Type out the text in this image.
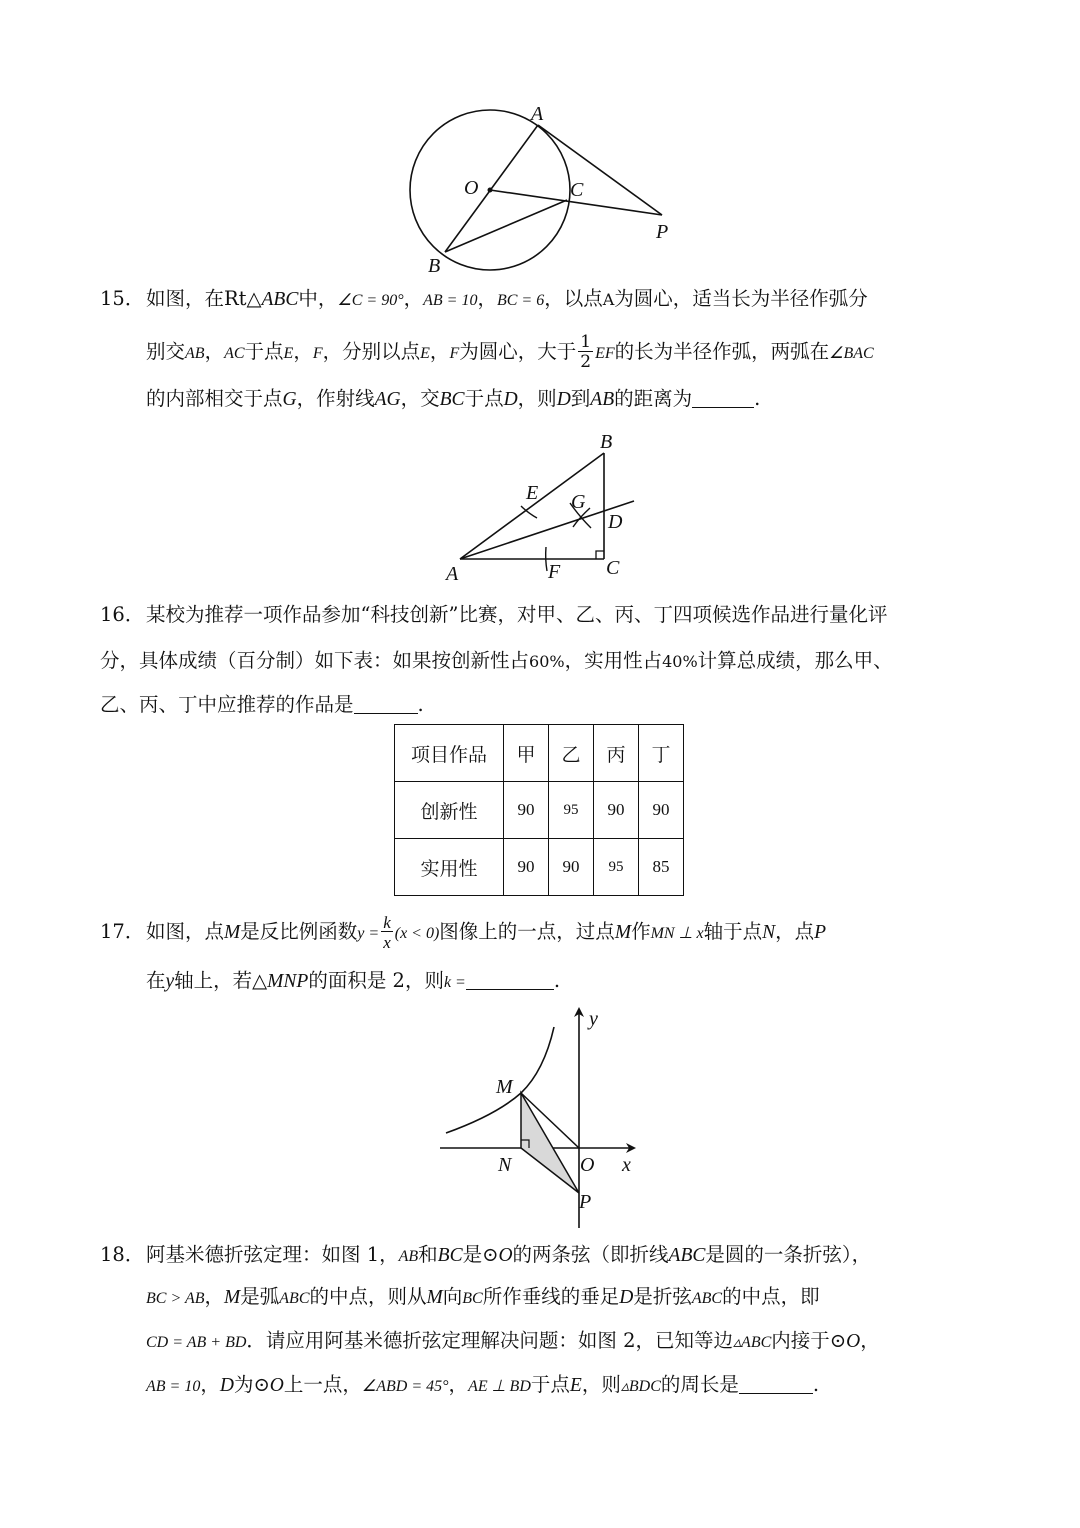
A
O	C
P
B
15．如图，在Rt△ABC中，∠C = 90°，AB = 10，BC = 6，以点A为圆心，适当长为半径作弧分
别交AB，AC于点E，F，分别以点E，F为圆心，大于 $\frac{1}{2}$ EF的长为半径作弧，两弧在∠BAC
的内部相交于点G，作射线AG，交BC于点D，则D到AB的距离为	.
B
E G
D
A	F C
16．某校为推荐一项作品参加“科技创新”比赛，对甲、乙、丙、丁四项候选作品进行量化评
分，具体成绩（百分制）如下表：如果按创新性占60%，实用性占40%计算总成绩，那么甲、
乙、丙、丁中应推荐的作品是	.
项目作品	甲	乙	丙	丁
创新性	90	95	90	90
实用性	90	90	95	85
17．如图，点M是反比例函数$y = \frac{k}{x} (x < 0)$图像上的一点，过点M作MN ⊥ x轴于点N，点P
在y轴上，若△MNP的面积是 2，则k =	.
y
M
N	O x
P
18．阿基米德折弦定理：如图 1，AB和BC是⊙O的两条弦（即折线ABC是圆的一条折弦），
BC > AB，M是弧ABC的中点，则从M向BC所作垂线的垂足D是折弦ABC的中点，即
CD = AB + BD．请应用阿基米德折弦定理解决问题：如图 2，已知等边▵ABC内接于⊙O，
AB = 10，D为⊙O上一点，∠ABD = 45°，AE ⊥ BD于点E，则▵BDC的周长是	.
